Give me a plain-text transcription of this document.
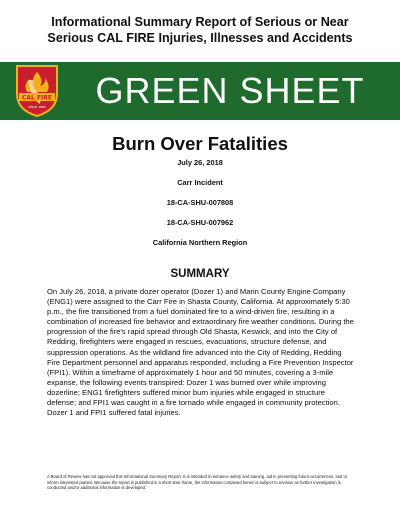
Informational Summary Report of Serious or Near
Serious CAL FIRE Injuries, Illnesses and Accidents
CAL FIRE
SINCE 1885	GREEN SHEET
Burn Over Fatalities
July 26, 2018
Carr Incident
18-CA-SHU-007808
18-CA-SHU-007962
California Northern Region
SUMMARY
On July 26, 2018, a private dozer operator (Dozer 1) and Marin County Engine Company (ENG1) were assigned to the Carr Fire in Shasta County, California. At approximately 5:30 p.m., the fire transitioned from a fuel dominated fire to a wind-driven fire, resulting in a combination of increased fire behavior and extraordinary fire weather conditions. During the progression of the fire's rapid spread through Old Shasta, Keswick, and into the City of Redding, firefighters were engaged in rescues, evacuations, structure defense, and suppression operations. As the wildland fire advanced into the City of Redding, Redding Fire Department personnel and apparatus responded, including a Fire Prevention Inspector (FPI1). Within a timeframe of approximately 1 hour and 50 minutes, covering a 3-mile expanse, the following events transpired: Dozer 1 was burned over while improving dozerline; ENG1 firefighters suffered minor burn injuries while engaged in structure defense; and FPI1 was caught in a fire tornado while engaged in community protection. Dozer 1 and FPI1 suffered fatal injuries.
A Board of Review has not approved this Informational Summary Report. It is intended to enhance safety and training, aid in preventing future occurrences, and to inform interested parties. Because the report is published in a short time frame, the information contained herein is subject to revision as further investigation is conducted and/or additional information is developed.
